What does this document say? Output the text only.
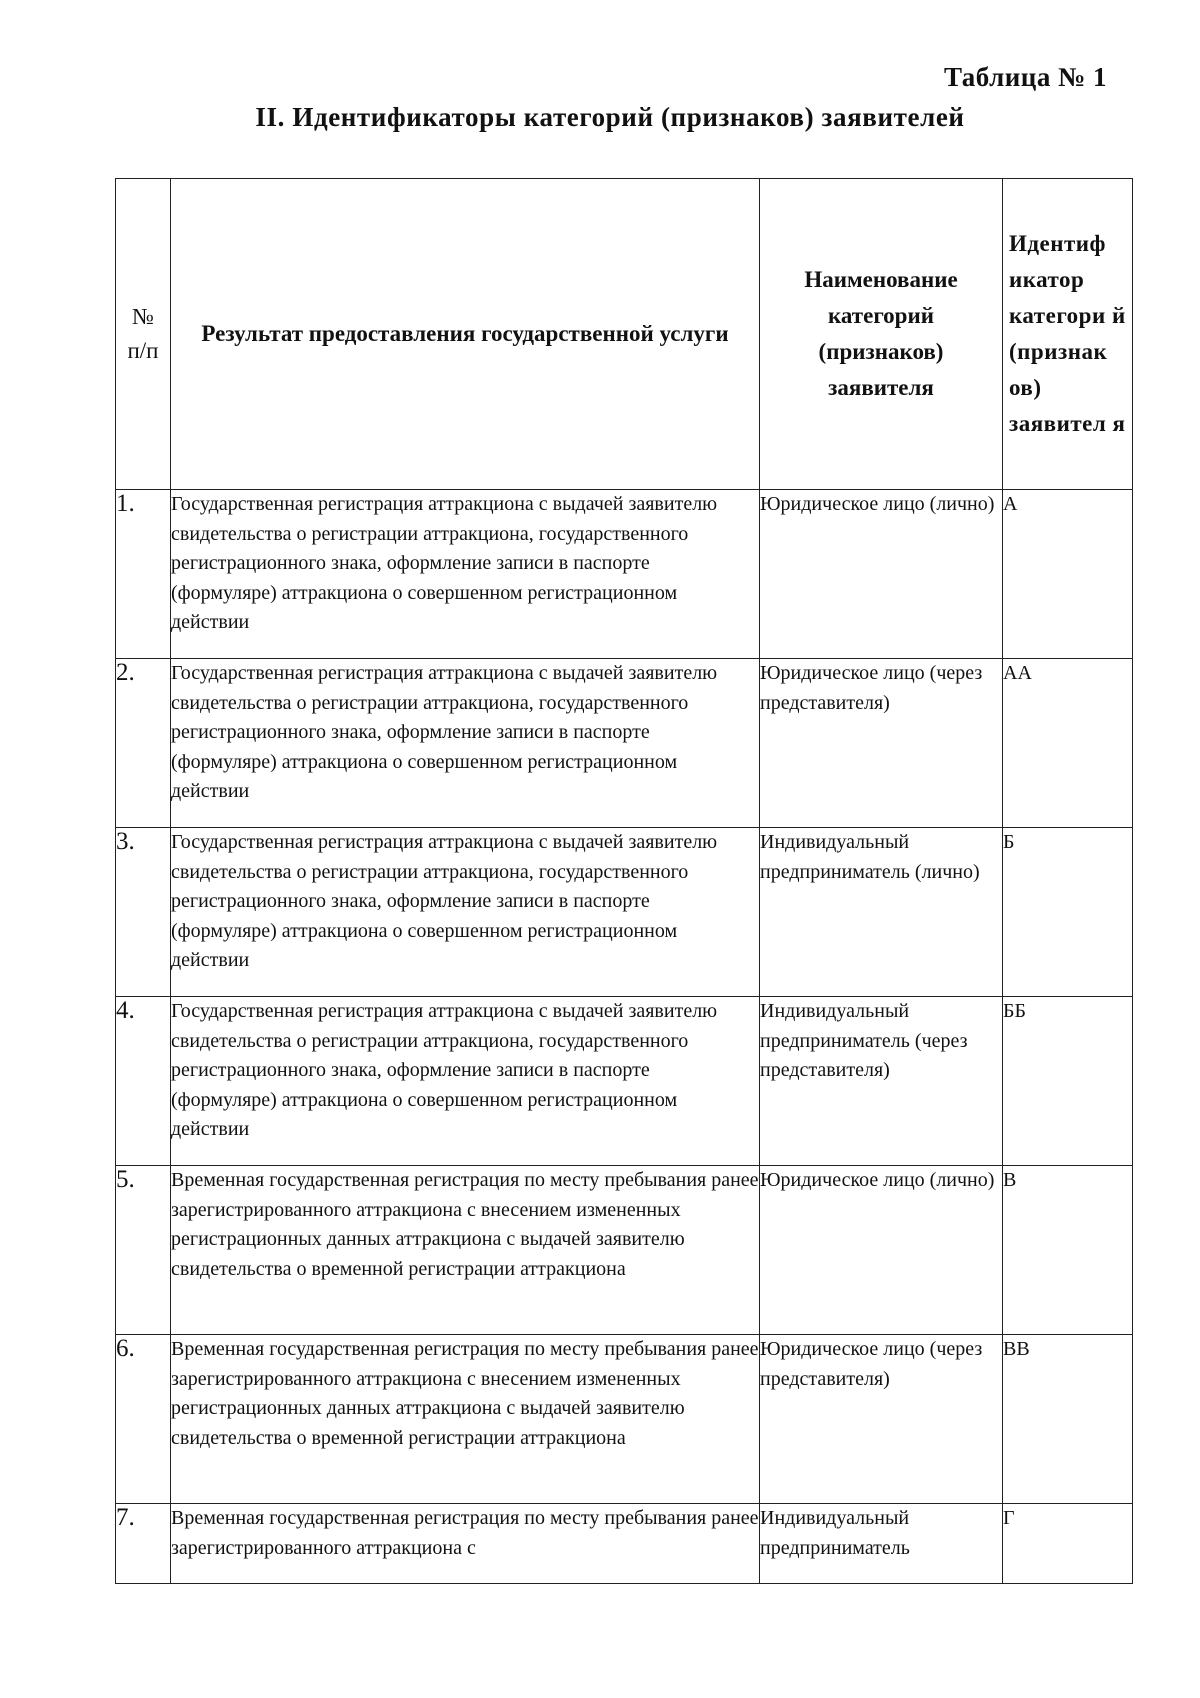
Таблица № 1
II. Идентификаторы категорий (признаков) заявителей
№ п/п	Результат предоставления государственной услуги	Наименование категорий (признаков) заявителя	Идентиф икатор категори й (признак ов) заявител я

1.	Государственная регистрация аттракциона с выдачей заявителю свидетельства о регистрации аттракциона, государственного регистрационного знака, оформление записи в паспорте (формуляре) аттракциона о совершенном регистрационном действии	Юридическое лицо (лично)	А
2.	Государственная регистрация аттракциона с выдачей заявителю свидетельства о регистрации аттракциона, государственного регистрационного знака, оформление записи в паспорте (формуляре) аттракциона о совершенном регистрационном действии	Юридическое лицо (через представителя)	АА
3.	Государственная регистрация аттракциона с выдачей заявителю свидетельства о регистрации аттракциона, государственного регистрационного знака, оформление записи в паспорте (формуляре) аттракциона о совершенном регистрационном действии	Индивидуальный предприниматель (лично)	Б
4.	Государственная регистрация аттракциона с выдачей заявителю свидетельства о регистрации аттракциона, государственного регистрационного знака, оформление записи в паспорте (формуляре) аттракциона о совершенном регистрационном действии	Индивидуальный предприниматель (через представителя)	ББ
5.	Временная государственная регистрация по месту пребывания ранее зарегистрированного аттракциона с внесением измененных регистрационных данных аттракциона с выдачей заявителю свидетельства о временной регистрации аттракциона	Юридическое лицо (лично)	В
6.	Временная государственная регистрация по месту пребывания ранее зарегистрированного аттракциона с внесением измененных регистрационных данных аттракциона с выдачей заявителю свидетельства о временной регистрации аттракциона	Юридическое лицо (через представителя)	ВВ
7.	Временная государственная регистрация по месту пребывания ранее зарегистрированного аттракциона с	Индивидуальный предприниматель	Г
